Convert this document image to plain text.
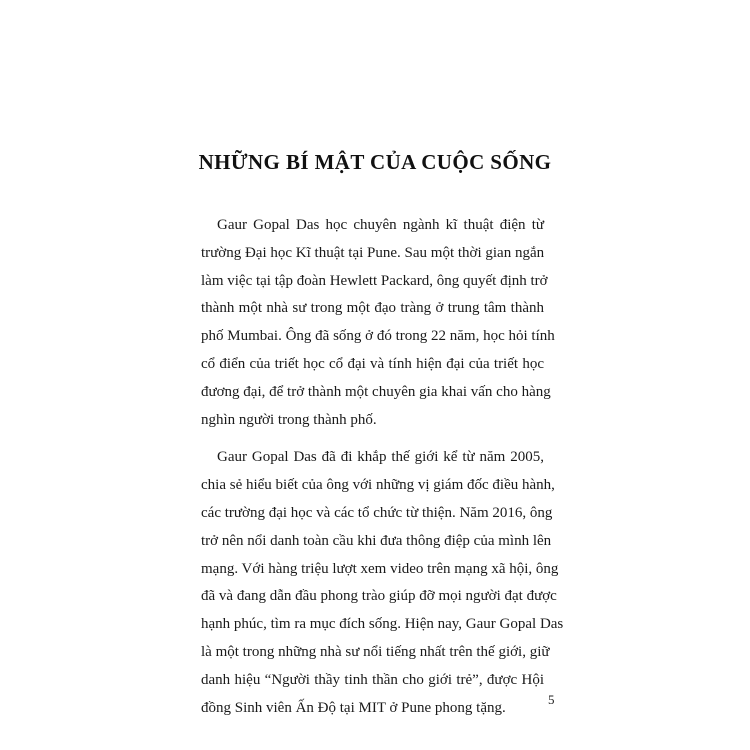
NHỮNG BÍ MẬT CỦA CUỘC SỐNG

Gaur Gopal Das học chuyên ngành kĩ thuật điện từ
trường Đại học Kĩ thuật tại Pune. Sau một thời gian ngắn
làm việc tại tập đoàn Hewlett Packard, ông quyết định trở
thành một nhà sư trong một đạo tràng ở trung tâm thành
phố Mumbai. Ông đã sống ở đó trong 22 năm, học hỏi tính
cổ điển của triết học cổ đại và tính hiện đại của triết học
đương đại, để trở thành một chuyên gia khai vấn cho hàng
nghìn người trong thành phố.

Gaur Gopal Das đã đi khắp thế giới kể từ năm 2005,
chia sẻ hiểu biết của ông với những vị giám đốc điều hành,
các trường đại học và các tổ chức từ thiện. Năm 2016, ông
trở nên nổi danh toàn cầu khi đưa thông điệp của mình lên
mạng. Với hàng triệu lượt xem video trên mạng xã hội, ông
đã và đang dẫn đầu phong trào giúp đỡ mọi người đạt được
hạnh phúc, tìm ra mục đích sống. Hiện nay, Gaur Gopal Das
là một trong những nhà sư nổi tiếng nhất trên thế giới, giữ
danh hiệu “Người thầy tinh thần cho giới trẻ”, được Hội
đồng Sinh viên Ấn Độ tại MIT ở Pune phong tặng.

5
